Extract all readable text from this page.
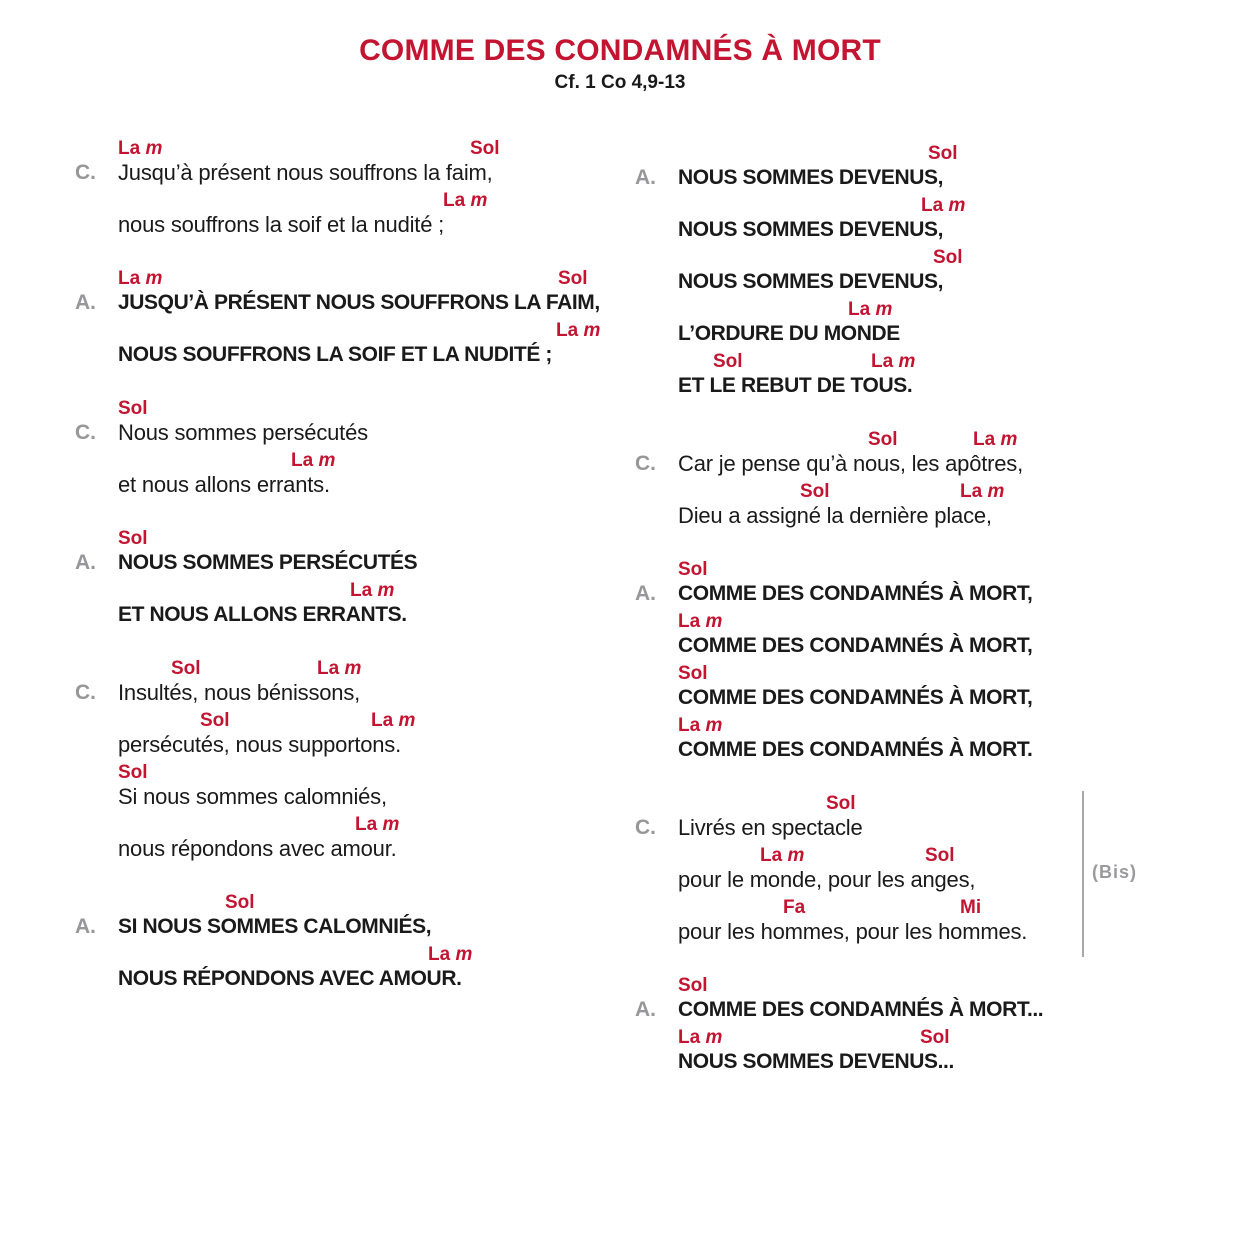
COMME DES CONDAMNÉS À MORT
Cf. 1 Co 4,9-13
C.
La m	Sol
Jusqu’à présent nous souffrons la faim,
La m
nous souffrons la soif et la nudité ;
A.
La m	Sol
JUSQU’À PRÉSENT NOUS SOUFFRONS LA FAIM,
La m
NOUS SOUFFRONS LA SOIF ET LA NUDITÉ ;
C.
Sol
Nous sommes persécutés
La m
et nous allons errants.
A.
Sol
NOUS SOMMES PERSÉCUTÉS
La m
ET NOUS ALLONS ERRANTS.
C.
Sol	La m
Insultés, nous bénissons,
Sol	La m
persécutés, nous supportons.
Sol
Si nous sommes calomniés,
La m
nous répondons avec amour.
A.
Sol
SI NOUS SOMMES CALOMNIÉS,
La m
NOUS RÉPONDONS AVEC AMOUR.
A.
Sol
NOUS SOMMES DEVENUS,
La m
NOUS SOMMES DEVENUS,
Sol
NOUS SOMMES DEVENUS,
La m
L’ORDURE DU MONDE
Sol	La m
ET LE REBUT DE TOUS.
C.
Sol	La m
Car je pense qu’à nous, les apôtres,
Sol	La m
Dieu a assigné la dernière place,
A.
Sol
COMME DES CONDAMNÉS À MORT,
La m
COMME DES CONDAMNÉS À MORT,
Sol
COMME DES CONDAMNÉS À MORT,
La m
COMME DES CONDAMNÉS À MORT.
C.
Sol
Livrés en spectacle
La m	Sol
pour le monde, pour les anges,
Fa	Mi
pour les hommes, pour les hommes.
(Bis)
A.
Sol
COMME DES CONDAMNÉS À MORT...
La m	Sol
NOUS SOMMES DEVENUS...
